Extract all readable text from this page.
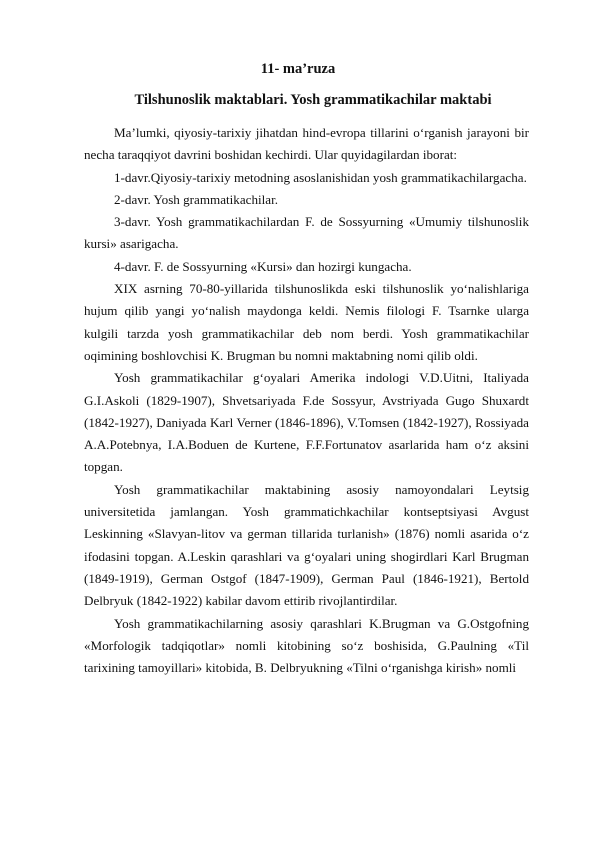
11- ma’ruza
Tilshunoslik maktablari. Yosh grammatikachilar maktabi

Ma’lumki, qiyosiy-tarixiy jihatdan hind-evropa tillarini o‘rganish jarayoni bir necha taraqqiyot davrini boshidan kechirdi. Ular quyidagilardan iborat:

1-davr.Qiyosiy-tarixiy metodning asoslanishidan yosh grammatikachilargacha.

2-davr. Yosh grammatikachilar.

3-davr. Yosh grammatikachilardan F. de Sossyurning «Umumiy tilshunoslik kursi» asarigacha.

4-davr. F. de Sossyurning «Kursi» dan hozirgi kungacha.

XIX asrning 70-80-yillarida tilshunoslikda eski tilshunoslik yo‘nalishlariga hujum qilib yangi yo‘nalish maydonga keldi. Nemis filologi F. Tsarnke ularga kulgili tarzda yosh grammatikachilar deb nom berdi. Yosh grammatikachilar oqimining boshlovchisi K. Brugman bu nomni maktabning nomi qilib oldi.

Yosh grammatikachilar g‘oyalari Amerika indologi V.D.Uitni, Italiyada G.I.Askoli (1829-1907), Shvetsariyada F.de Sossyur, Avstriyada Gugo Shuxardt (1842-1927), Daniyada Karl Verner (1846-1896), V.Tomsen (1842-1927), Rossiyada A.A.Potebnya, I.A.Boduen de Kurtene, F.F.Fortunatov asarlarida ham o‘z aksini topgan.

Yosh grammatikachilar maktabining asosiy namoyondalari Leytsig universitetida jamlangan. Yosh grammatichkachilar kontseptsiyasi Avgust Leskinning «Slavyan-litov va german tillarida turlanish» (1876) nomli asarida o‘z ifodasini topgan. A.Leskin qarashlari va g‘oyalari uning shogirdlari Karl Brugman (1849-1919), German Ostgof (1847-1909), German Paul (1846-1921), Bertold Delbryuk (1842-1922) kabilar davom ettirib rivojlantirdilar.

Yosh grammatikachilarning asosiy qarashlari K.Brugman va G.Ostgofning «Morfologik tadqiqotlar» nomli kitobining so‘z boshisida, G.Paulning «Til tarixining tamoyillari» kitobida, B. Delbryukning «Tilni o‘rganishga kirish» nomli
